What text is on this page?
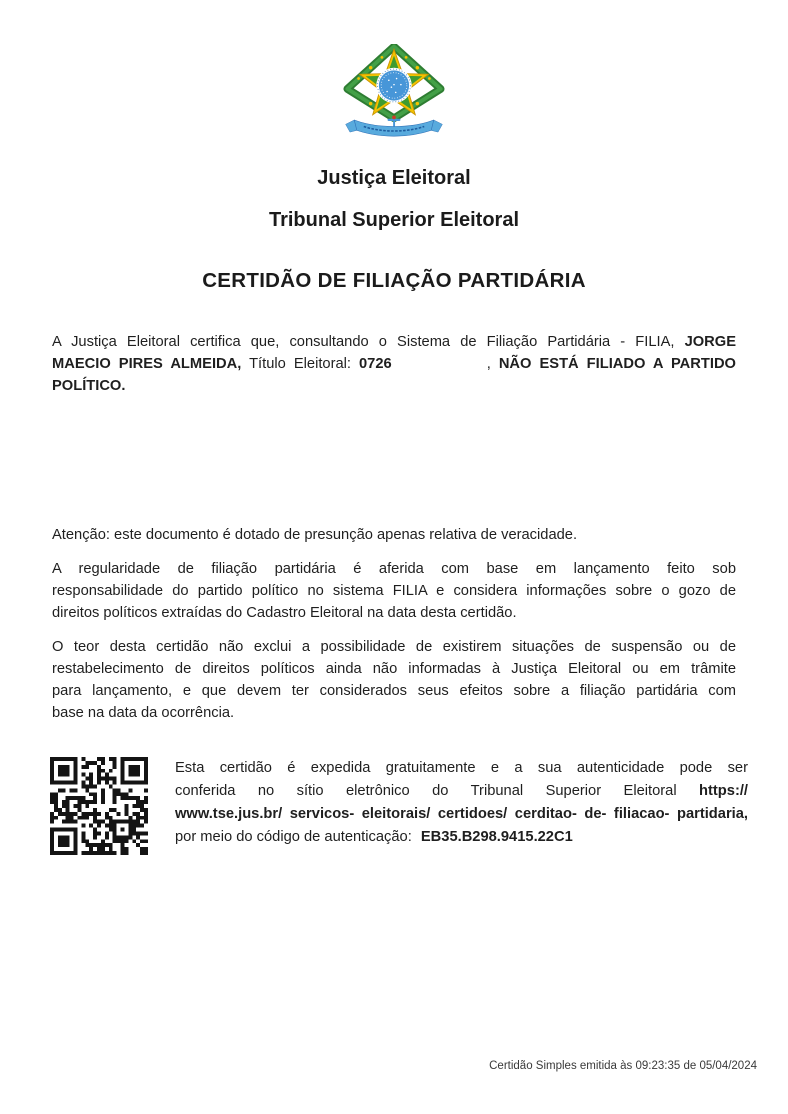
Justiça Eleitoral
Tribunal Superior Eleitoral
CERTIDÃO DE FILIAÇÃO PARTIDÁRIA
A Justiça Eleitoral certifica que, consultando o Sistema de Filiação Partidária - FILIA, JORGE
MAECIO PIRES ALMEIDA, Título Eleitoral: 0726	, NÃO ESTÁ FILIADO A PARTIDO
POLÍTICO.
Atenção: este documento é dotado de presunção apenas relativa de veracidade.
A regularidade de filiação partidária é aferida com base em lançamento feito sob
responsabilidade do partido político no sistema FILIA e considera informações sobre o gozo de
direitos políticos extraídas do Cadastro Eleitoral na data desta certidão.
O teor desta certidão não exclui a possibilidade de existirem situações de suspensão ou de
restabelecimento de direitos políticos ainda não informadas à Justiça Eleitoral ou em trâmite
para lançamento, e que devem ter considerados seus efeitos sobre a filiação partidária com
base na data da ocorrência.
Esta certidão é expedida gratuitamente e a sua autenticidade pode ser
conferida no sítio eletrônico do Tribunal Superior Eleitoral https://
www.tse.jus.br/ servicos- eleitorais/ certidoes/ cerditao- de- filiacao- partidaria,
por meio do código de autenticação: EB35.B298.9415.22C1
Certidão Simples emitida às 09:23:35 de 05/04/2024
